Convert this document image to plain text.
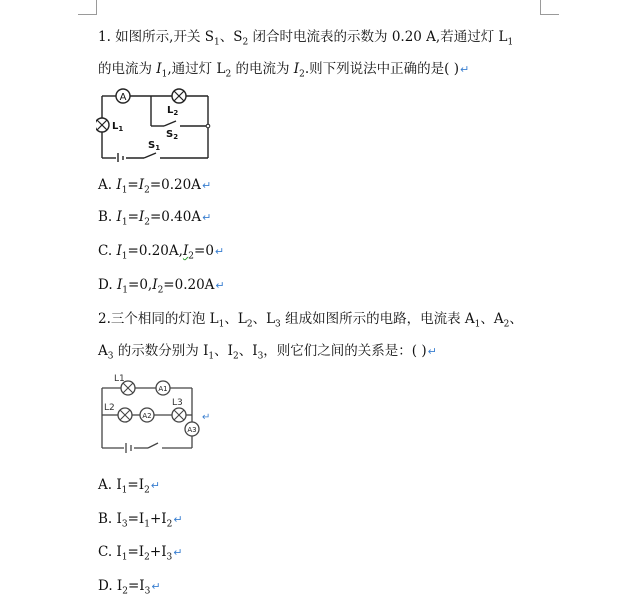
1. 如图所示,开关 $S_1$、$S_2$ 闭合时电流表的示数为 0.20 A,若通过灯 $L_1$
的电流为 $I_1$,通过灯 $L_2$ 的电流为 $I_2$.则下列说法中正确的是( )↵
A
$L_2$
$L_1$	$S_2$
$S_1$
A. $I_1=I_2=0.20A↵$
B. $I_1=I_2=0.40A↵$
C. $I_1=0.20A,I_2=0↵$
D. $I_1=0,I_2=0.20A↵$
2.三个相同的灯泡 $L_1$、$L_2$、$L_3$ 组成如图所示的电路，电流表 $A_1$、$A_2$、
$A_3$ 的示数分别为 $I_1$、$I_2$、$I_3$，则它们之间的关系是：( )↵
A1
A2
A3
L1
L2	L3
↵
A. $I_1=I_2↵$
B. $I_3=I_1+I_2↵$
C. $I_1=I_2+I_3↵$
D. $I_2=I_3↵$
